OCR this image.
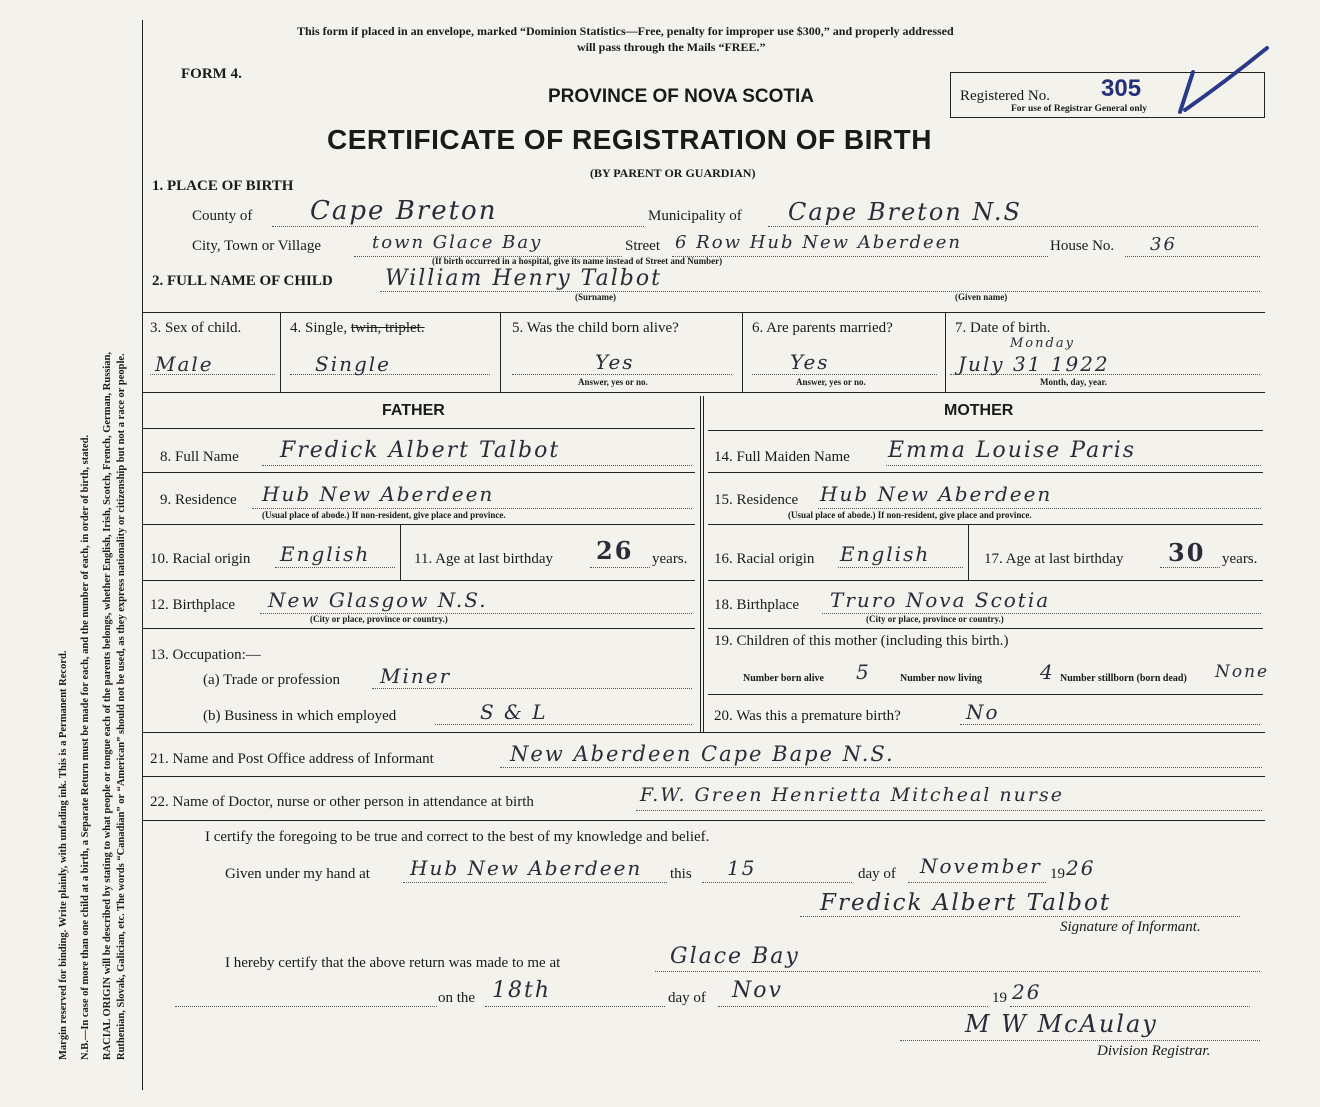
Margin reserved for binding. Write plainly, with unfading ink. This is a Permanent Record. N.B.—In case of more than one child at a birth, a Separate Return must be made for each, and the number of each, in order of birth, stated. RACIAL ORIGIN will be described by stating to what people or tongue each of the parents belongs, whether English, Irish, Scotch, French, German, Russian, Ruthenian, Slovak, Galician, etc. The words “Canadian” or “American” should not be used, as they express nationality or citizenship but not a race or people.
This form if placed in an envelope, marked “Dominion Statistics—Free, penalty for improper use $300,” and properly addressed
will pass through the Mails “FREE.”
FORM 4.
PROVINCE OF NOVA SCOTIA
CERTIFICATE OF REGISTRATION OF BIRTH
(BY PARENT OR GUARDIAN)
Registered No. 305
For use of Registrar General only
1. PLACE OF BIRTH
County of Cape Breton	Municipality of Cape Breton N.S
City, Town or Village	town Glace Bay	Street 6 Row Hub New Aberdeen	House No. 36
(If birth occurred in a hospital, give its name instead of Street and Number)
2. FULL NAME OF CHILD William Henry Talbot
(Surname)	(Given name)
3. Sex of child.
Male
4. Single, twin, triplet.
Single
5. Was the child born alive?
Yes
Answer, yes or no.
6. Are parents married?
Yes
Answer, yes or no.
7. Date of birth.
Monday
July 31 1922
Month, day, year.
FATHER	MOTHER
8. Full Name Fredick Albert Talbot
9. Residence Hub New Aberdeen
(Usual place of abode.) If non-resident, give place and province.
10. Racial origin English	11. Age at last birthday 26 years.
12. Birthplace New Glasgow N.S.
(City or place, province or country.)
13. Occupation:—
(a) Trade or profession Miner
(b) Business in which employed	S & L
14. Full Maiden Name Emma Louise Paris
15. Residence Hub New Aberdeen
(Usual place of abode.) If non-resident, give place and province.
16. Racial origin English	17. Age at last birthday 30 years.
18. Birthplace Truro Nova Scotia
(City or place, province or country.)
19. Children of this mother (including this birth.)
Number born alive 5	Number now living	4 Number stillborn (born dead) None
20. Was this a premature birth?	No
21. Name and Post Office address of Informant	New Aberdeen Cape Bape N.S.
22. Name of Doctor, nurse or other person in attendance at birth	F.W. Green Henrietta Mitcheal nurse
I certify the foregoing to be true and correct to the best of my knowledge and belief.
Given under my hand at Hub New Aberdeen this 15	day of November 19 26
Fredick Albert Talbot
Signature of Informant.
I hereby certify that the above return was made to me at	Glace Bay
on the 18th	day of Nov	19 26
M W McAulay
Division Registrar.
